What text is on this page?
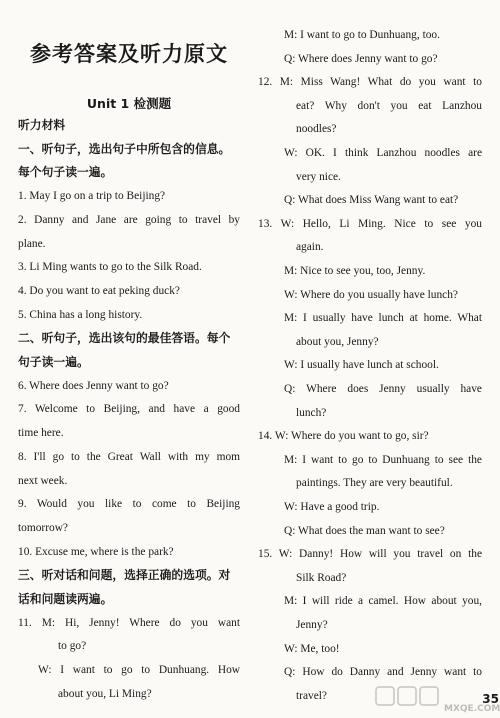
参考答案及听力原文
Unit 1 检测题
听力材料
一、听句子，选出句子中所包含的信息。
每个句子读一遍。
1. May I go on a trip to Beijing?
2. Danny and Jane are going to travel by
plane.
3. Li Ming wants to go to the Silk Road.
4. Do you want to eat peking duck?
5. China has a long history.
二、听句子，选出该句的最佳答语。每个
句子读一遍。
6. Where does Jenny want to go?
7. Welcome to Beijing, and have a good
time here.
8. I'll go to the Great Wall with my mom
next week.
9. Would you like to come to Beijing
tomorrow?
10. Excuse me, where is the park?
三、听对话和问题，选择正确的选项。对
话和问题读两遍。
11. M: Hi, Jenny! Where do you want
to go?
W: I want to go to Dunhuang. How
about you, Li Ming?
M: I want to go to Dunhuang, too.
Q: Where does Jenny want to go?
12. M: Miss Wang! What do you want to
eat? Why don't you eat Lanzhou
noodles?
W: OK. I think Lanzhou noodles are
very nice.
Q: What does Miss Wang want to eat?
13. W: Hello, Li Ming. Nice to see you
again.
M: Nice to see you, too, Jenny.
W: Where do you usually have lunch?
M: I usually have lunch at home. What
about you, Jenny?
W: I usually have lunch at school.
Q: Where does Jenny usually have
lunch?
14. W: Where do you want to go, sir?
M: I want to go to Dunhuang to see the
paintings. They are very beautiful.
W: Have a good trip.
Q: What does the man want to see?
15. W: Danny! How will you travel on the
Silk Road?
M: I will ride a camel. How about you,
Jenny?
W: Me, too!
Q: How do Danny and Jenny want to
travel?	35
MXQE.COM
